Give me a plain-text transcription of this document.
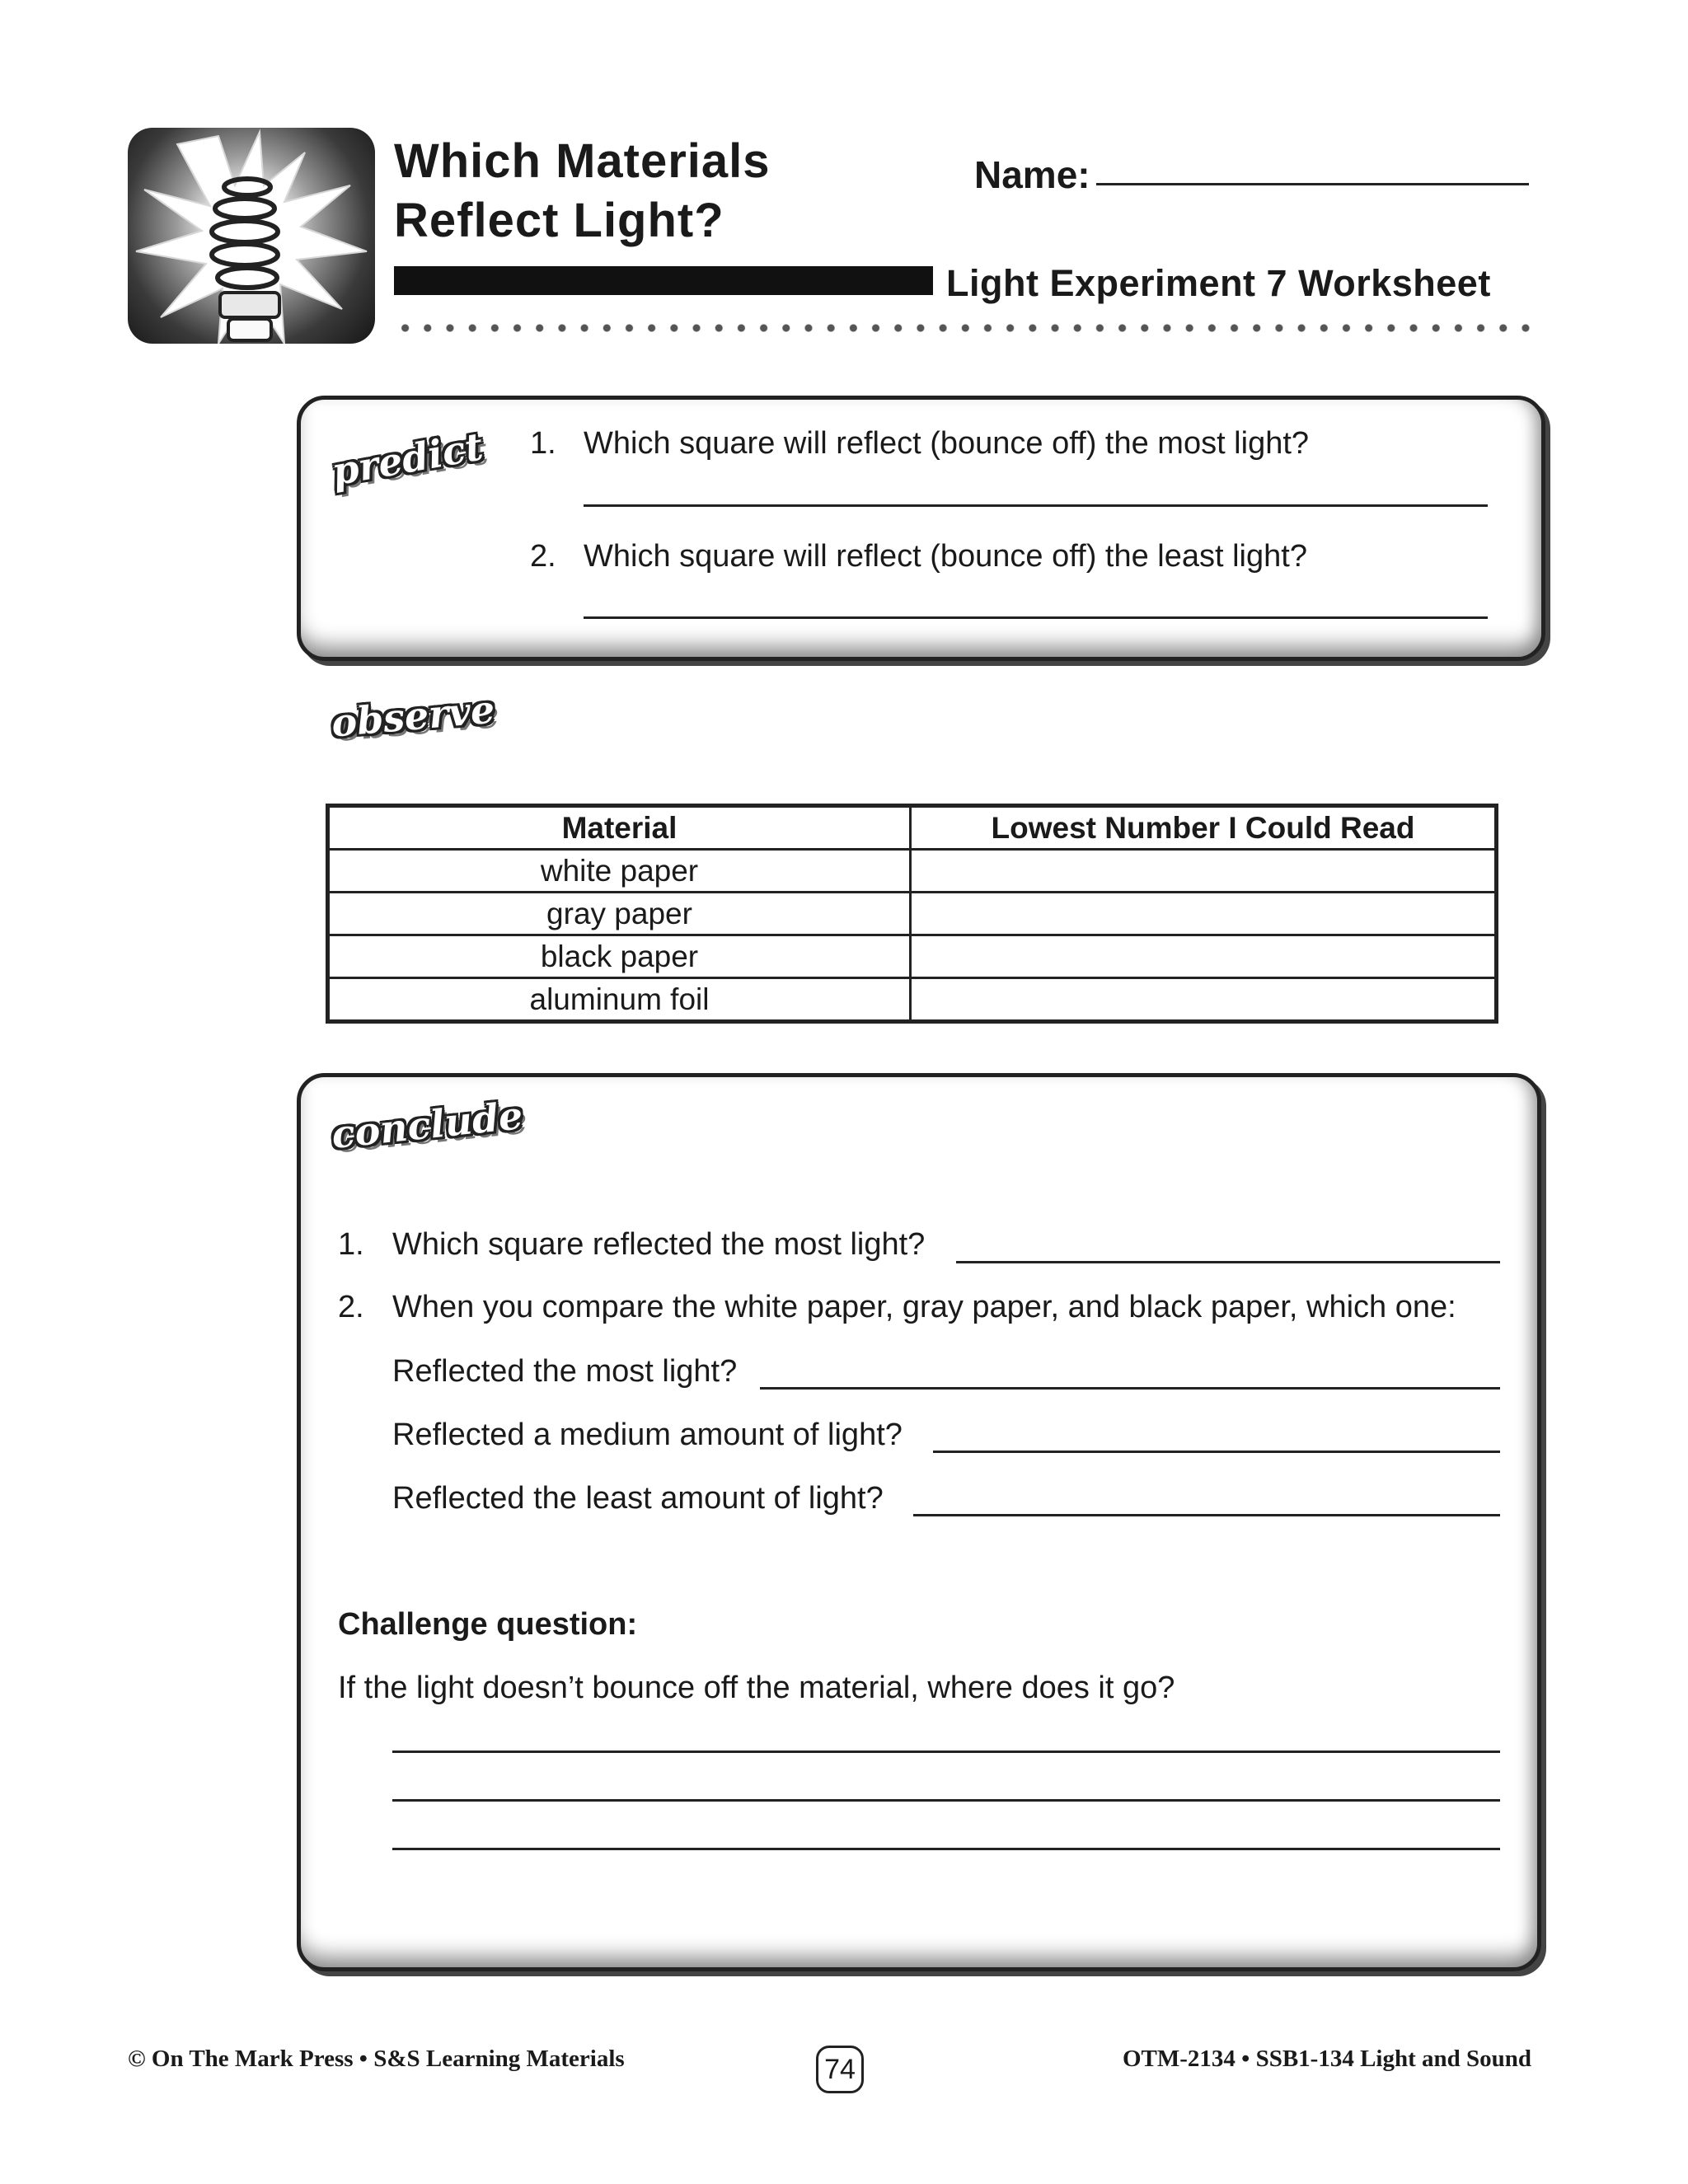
Which Materials
Reflect Light?
Name:
Light Experiment 7 Worksheet
predict 1. Which square will reflect (bounce off) the most light?
2. Which square will reflect (bounce off) the least light?
observe
Material	Lowest Number I Could Read
white paper	
gray paper	
black paper	
aluminum foil	
conclude
1. Which square reflected the most light?
2. When you compare the white paper, gray paper, and black paper, which one:
Reflected the most light?
Reflected a medium amount of light?
Reflected the least amount of light?
Challenge question:
If the light doesn’t bounce off the material, where does it go?
© On The Mark Press • S&S Learning Materials	74	OTM-2134 • SSB1-134 Light and Sound
